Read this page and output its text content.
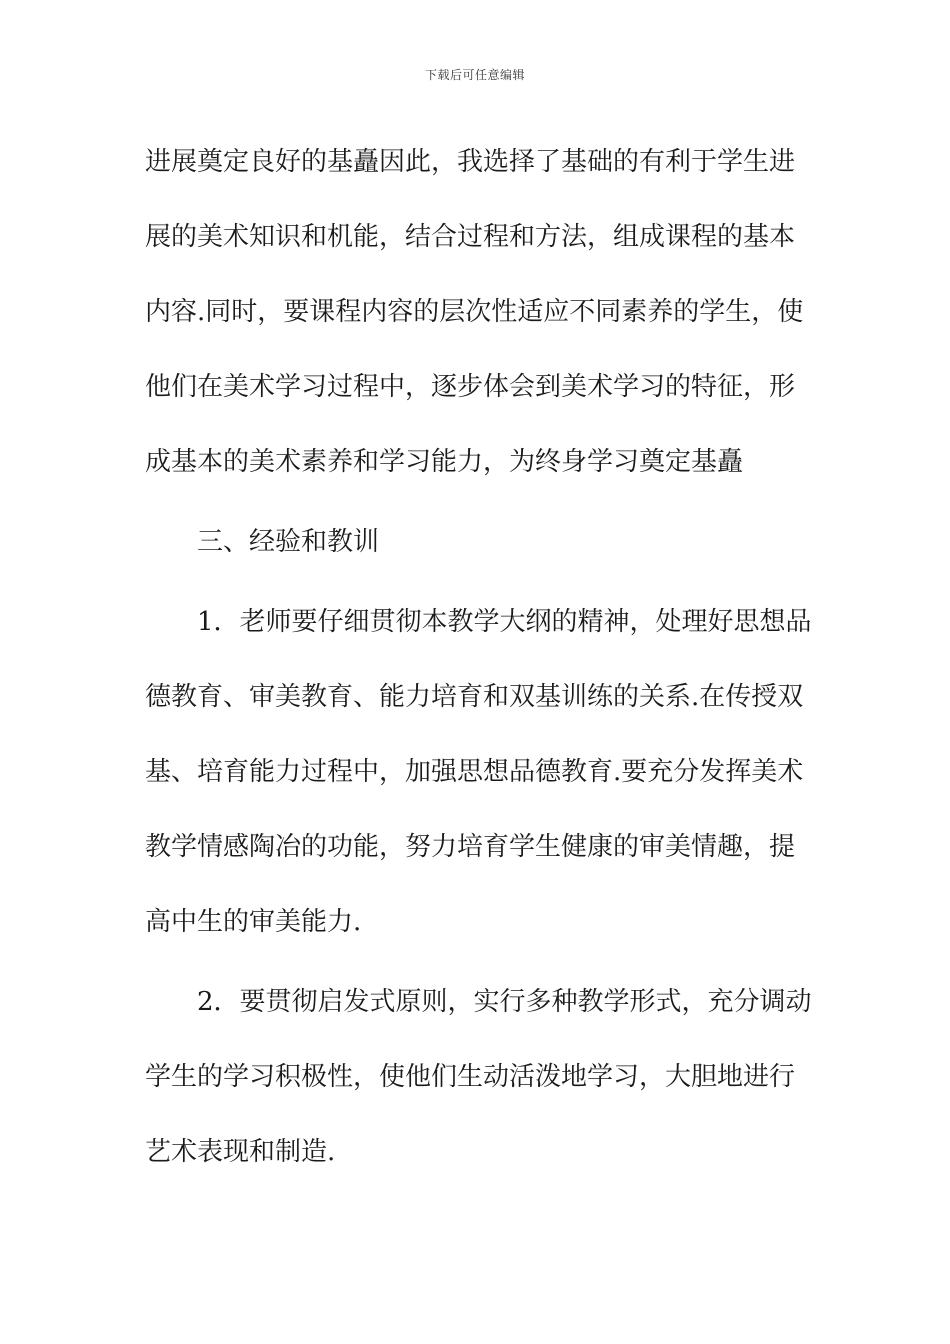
下载后可任意编辑
进展奠定良好的基矗因此，我选择了基础的有利于学生进
展的美术知识和机能，结合过程和方法，组成课程的基本
内容.同时，要课程内容的层次性适应不同素养的学生，使
他们在美术学习过程中，逐步体会到美术学习的特征，形
成基本的美术素养和学习能力，为终身学习奠定基矗
三、经验和教训
1．老师要仔细贯彻本教学大纲的精神，处理好思想品
德教育、审美教育、能力培育和双基训练的关系.在传授双
基、培育能力过程中，加强思想品德教育.要充分发挥美术
教学情感陶冶的功能，努力培育学生健康的审美情趣，提
高中生的审美能力.
2．要贯彻启发式原则，实行多种教学形式，充分调动
学生的学习积极性，使他们生动活泼地学习，大胆地进行
艺术表现和制造.
